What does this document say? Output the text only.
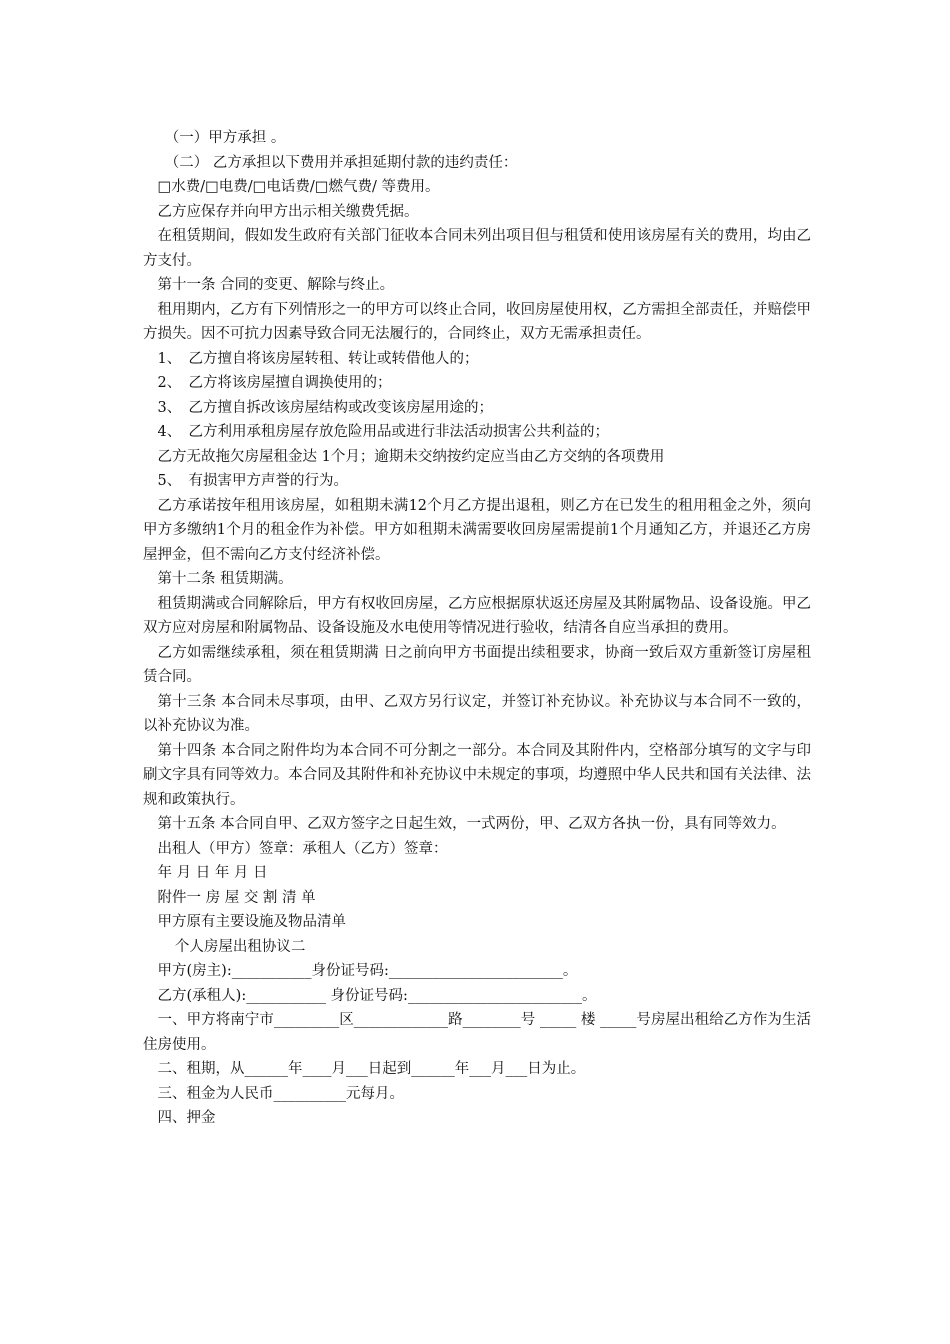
（一）甲方承担 。

（二） 乙方承担以下费用并承担延期付款的违约责任：

□水费/□电费/□电话费/□燃气费/ 等费用。

乙方应保存并向甲方出示相关缴费凭据。

在租赁期间，假如发生政府有关部门征收本合同未列出项目但与租赁和使用该房屋有关的费用，均由乙方支付。

第十一条 合同的变更、解除与终止。

租用期内，乙方有下列情形之一的甲方可以终止合同，收回房屋使用权，乙方需担全部责任，并赔偿甲方损失。因不可抗力因素导致合同无法履行的，合同终止，双方无需承担责任。

1、　乙方擅自将该房屋转租、转让或转借他人的；

2、　乙方将该房屋擅自调换使用的；

3、　乙方擅自拆改该房屋结构或改变该房屋用途的；

4、　乙方利用承租房屋存放危险用品或进行非法活动损害公共利益的；

乙方无故拖欠房屋租金达 1个月；逾期未交纳按约定应当由乙方交纳的各项费用

5、　有损害甲方声誉的行为。

乙方承诺按年租用该房屋，如租期未满12个月乙方提出退租，则乙方在已发生的租用租金之外，须向甲方多缴纳1个月的租金作为补偿。甲方如租期未满需要收回房屋需提前1个月通知乙方，并退还乙方房屋押金，但不需向乙方支付经济补偿。

第十二条 租赁期满。

租赁期满或合同解除后，甲方有权收回房屋，乙方应根据原状返还房屋及其附属物品、设备设施。甲乙双方应对房屋和附属物品、设备设施及水电使用等情况进行验收，结清各自应当承担的费用。

乙方如需继续承租，须在租赁期满 日之前向甲方书面提出续租要求，协商一致后双方重新签订房屋租赁合同。

第十三条 本合同未尽事项，由甲、乙双方另行议定，并签订补充协议。补充协议与本合同不一致的，以补充协议为准。

第十四条 本合同之附件均为本合同不可分割之一部分。本合同及其附件内，空格部分填写的文字与印刷文字具有同等效力。本合同及其附件和补充协议中未规定的事项，均遵照中华人民共和国有关法律、法规和政策执行。

第十五条 本合同自甲、乙双方签字之日起生效，一式两份，甲、乙双方各执一份，具有同等效力。

出租人（甲方）签章：承租人（乙方）签章：

年 月 日 年 月 日

附件一 房 屋 交 割 清 单

甲方原有主要设施及物品清单

个人房屋出租协议二

甲方(房主):___________身份证号码:________________________。

乙方(承租人):___________ 身份证号码:________________________。

一、甲方将南宁市_________区_____________路________号 _____ 楼 _____号房屋出租给乙方作为生活住房使用。

二、租期，从______年____月___日起到______年___月___日为止。

三、租金为人民币__________元每月。

四、押金
